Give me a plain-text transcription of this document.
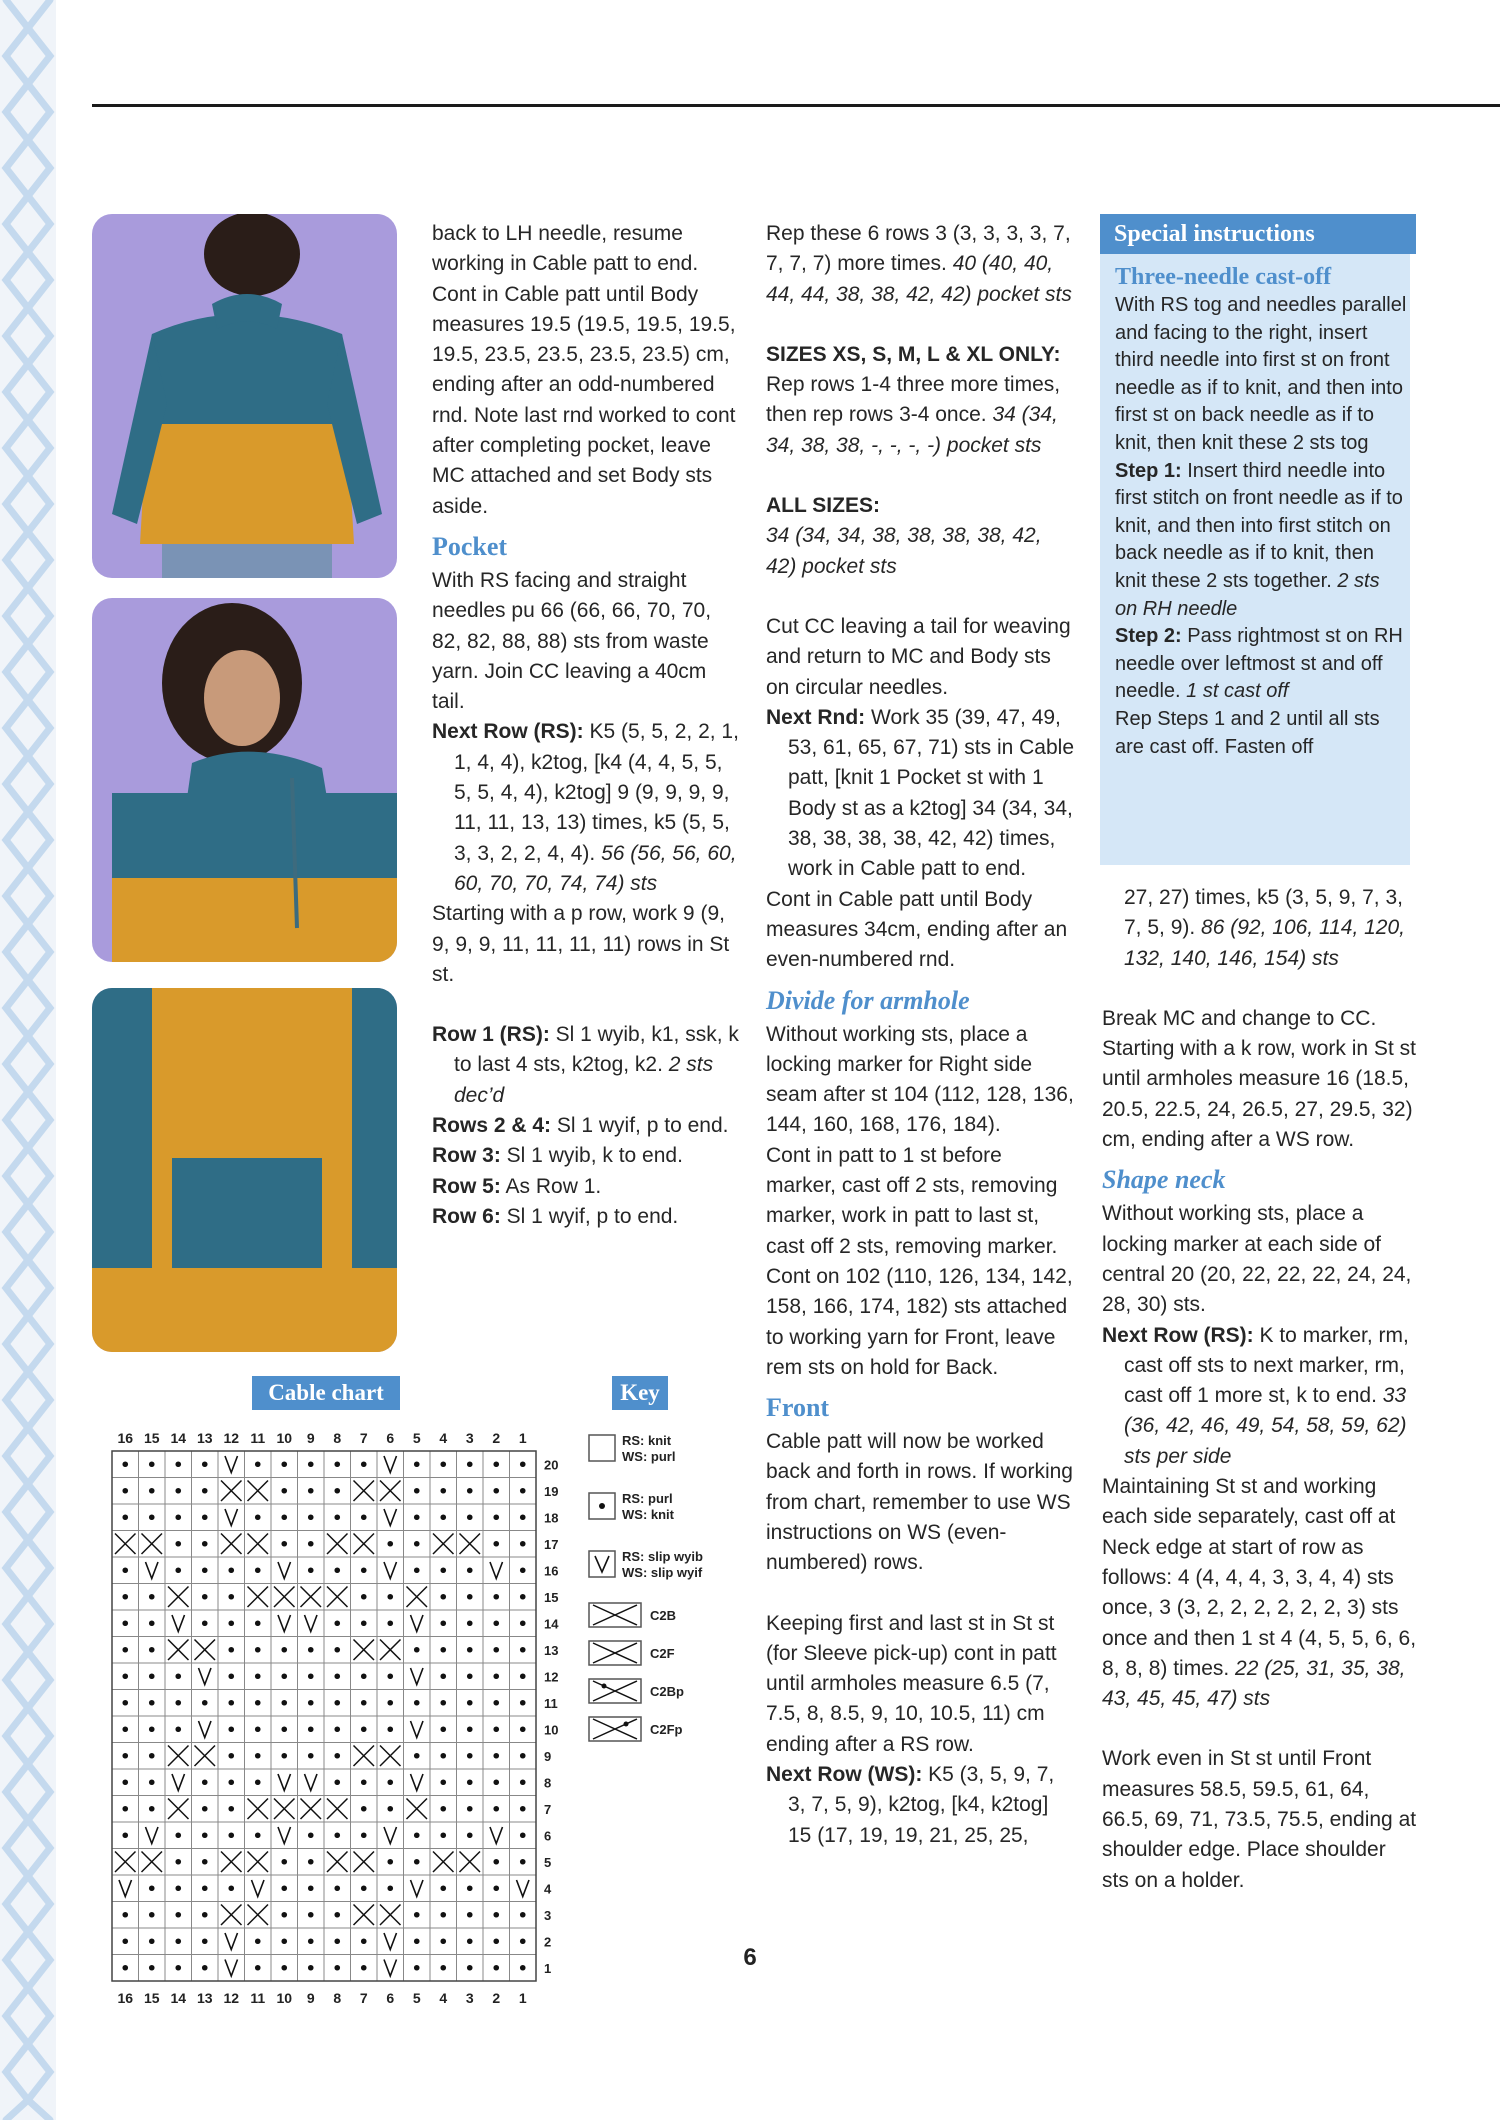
back to LH needle, resume working in Cable patt to end. Cont in Cable patt until Body measures 19.5 (19.5, 19.5, 19.5, 19.5, 23.5, 23.5, 23.5, 23.5) cm, ending after an odd-numbered rnd. Note last rnd worked to cont after completing pocket, leave MC attached and set Body sts aside.

Pocket

With RS facing and straight needles pu 66 (66, 66, 70, 70, 82, 82, 88, 88) sts from waste yarn. Join CC leaving a 40cm tail.

Next Row (RS): K5 (5, 5, 2, 2, 1, 1, 4, 4), k2tog, [k4 (4, 4, 5, 5, 5, 5, 4, 4), k2tog] 9 (9, 9, 9, 9, 11, 11, 13, 13) times, k5 (5, 5, 3, 3, 2, 2, 4, 4). 56 (56, 56, 60, 60, 70, 70, 74, 74) sts

Starting with a p row, work 9 (9, 9, 9, 9, 11, 11, 11, 11) rows in St st.

Row 1 (RS): Sl 1 wyib, k1, ssk, k to last 4 sts, k2tog, k2. 2 sts dec’d

Rows 2 & 4: Sl 1 wyif, p to end.

Row 3: Sl 1 wyib, k to end.

Row 5: As Row 1.

Row 6: Sl 1 wyif, p to end.

Rep these 6 rows 3 (3, 3, 3, 3, 7, 7, 7, 7) more times. 40 (40, 40, 44, 44, 38, 38, 42, 42) pocket sts

SIZES XS, S, M, L & XL ONLY:

Rep rows 1-4 three more times, then rep rows 3-4 once. 34 (34, 34, 38, 38, -, -, -, -) pocket sts

ALL SIZES:

34 (34, 34, 38, 38, 38, 38, 42, 42) pocket sts

Cut CC leaving a tail for weaving and return to MC and Body sts on circular needles.

Next Rnd: Work 35 (39, 47, 49, 53, 61, 65, 67, 71) sts in Cable patt, [knit 1 Pocket st with 1 Body st as a k2tog] 34 (34, 34, 38, 38, 38, 38, 42, 42) times, work in Cable patt to end.

Cont in Cable patt until Body measures 34cm, ending after an even-numbered rnd.

Divide for armhole

Without working sts, place a locking marker for Right side seam after st 104 (112, 128, 136, 144, 160, 168, 176, 184).

Cont in patt to 1 st before marker, cast off 2 sts, removing marker, work in patt to last st, cast off 2 sts, removing marker. Cont on 102 (110, 126, 134, 142, 158, 166, 174, 182) sts attached to working yarn for Front, leave rem sts on hold for Back.

Front

Cable patt will now be worked back and forth in rows. If working from chart, remember to use WS instructions on WS (even-numbered) rows.

Keeping first and last st in St st (for Sleeve pick-up) cont in patt until armholes measure 6.5 (7, 7.5, 8, 8.5, 9, 10, 10.5, 11) cm ending after a RS row.

Next Row (WS): K5 (3, 5, 9, 7, 3, 7, 5, 9), k2tog, [k4, k2tog] 15 (17, 19, 19, 21, 25, 25,

Special instructions

Three-needle cast-off

With RS tog and needles parallel and facing to the right, insert third needle into first st on front needle as if to knit, and then into first st on back needle as if to knit, then knit these 2 sts tog

Step 1: Insert third needle into first stitch on front needle as if to knit, and then into first stitch on back needle as if to knit, then knit these 2 sts together. 2 sts on RH needle

Step 2: Pass rightmost st on RH needle over leftmost st and off needle. 1 st cast off

Rep Steps 1 and 2 until all sts are cast off. Fasten off

27, 27) times, k5 (3, 5, 9, 7, 3, 7, 5, 9). 86 (92, 106, 114, 120, 132, 140, 146, 154) sts

Break MC and change to CC. Starting with a k row, work in St st until armholes measure 16 (18.5, 20.5, 22.5, 24, 26.5, 27, 29.5, 32) cm, ending after a WS row.

Shape neck

Without working sts, place a locking marker at each side of central 20 (20, 22, 22, 22, 24, 24, 28, 30) sts.

Next Row (RS): K to marker, rm, cast off sts to next marker, rm, cast off 1 more st, k to end. 33 (36, 42, 46, 49, 54, 58, 59, 62) sts per side

Maintaining St st and working each side separately, cast off at Neck edge at start of row as follows: 4 (4, 4, 4, 3, 3, 4, 4) sts once, 3 (3, 2, 2, 2, 2, 2, 2, 3) sts once and then 1 st 4 (4, 5, 5, 6, 6, 8, 8, 8) times. 22 (25, 31, 35, 38, 43, 45, 45, 47) sts

Work even in St st until Front measures 58.5, 59.5, 61, 64, 66.5, 69, 71, 73.5, 75.5, ending at shoulder edge. Place shoulder sts on a holder.

Cable chart	Key
16
16
15
15
14
14
13
13
12
12
11
11
10
10
9
9
8
8
7
7
6
6
5
5
4
4
3
3
2
2
1
1
20
19
18
17
16
15
14
13
12
11
10
9
8
7
6
5
4
3
2
1
RS: knit
WS: purl
RS: purl
WS: knit
RS: slip wyib
WS: slip wyif
C2B
C2F
C2Bp
C2Fp
6
